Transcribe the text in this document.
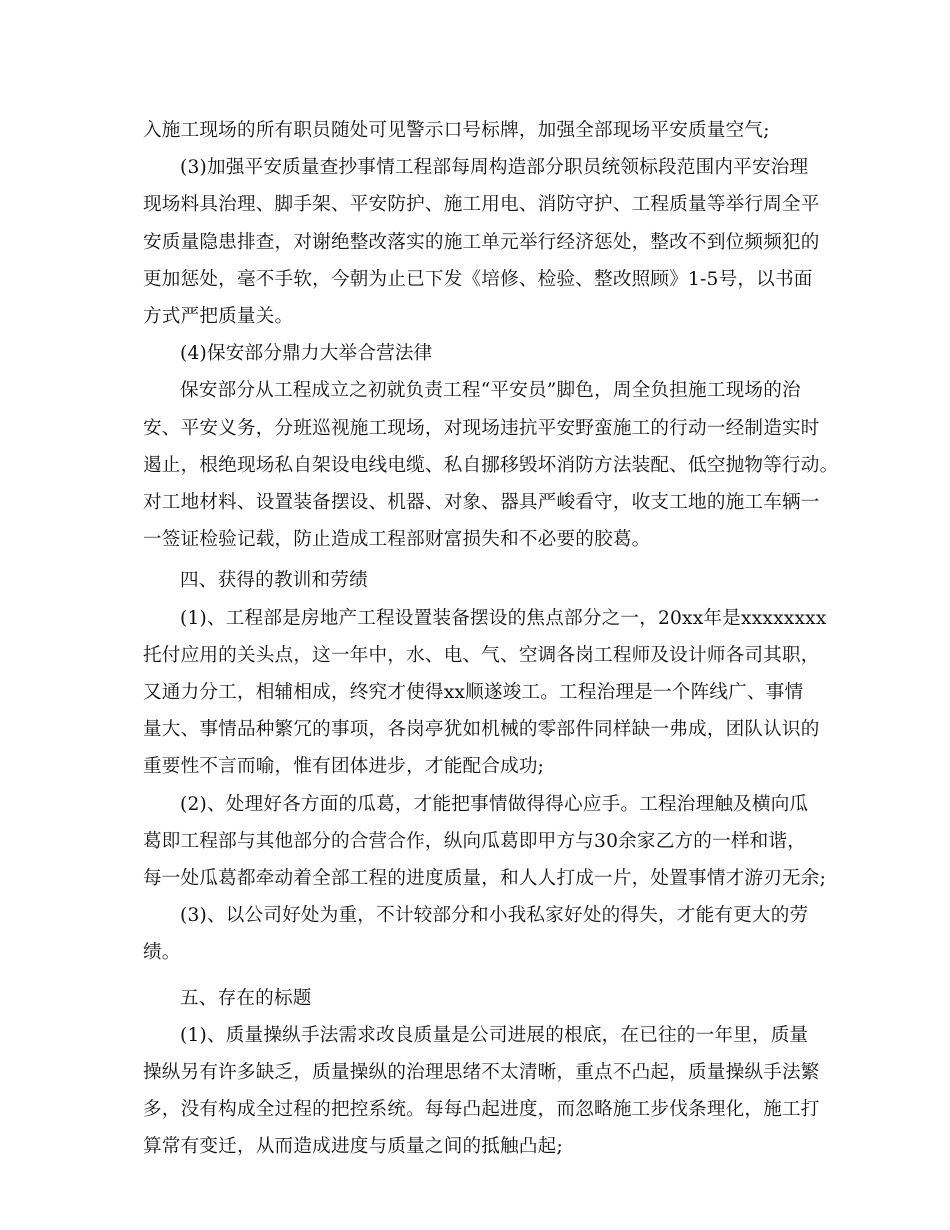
入施工现场的所有职员随处可见警示口号标牌，加强全部现场平安质量空气;
(3)加强平安质量查抄事情工程部每周构造部分职员统领标段范围内平安治理
现场料具治理、脚手架、平安防护、施工用电、消防守护、工程质量等举行周全平
安质量隐患排查，对谢绝整改落实的施工单元举行经济惩处，整改不到位频频犯的
更加惩处，毫不手软，今朝为止已下发《培修、检验、整改照顾》1-5号，以书面
方式严把质量关。
(4)保安部分鼎力大举合营法律
保安部分从工程成立之初就负责工程“平安员”脚色，周全负担施工现场的治
安、平安义务，分班巡视施工现场，对现场违抗平安野蛮施工的行动一经制造实时
遏止，根绝现场私自架设电线电缆、私自挪移毁坏消防方法装配、低空抛物等行动。
对工地材料、设置装备摆设、机器、对象、器具严峻看守，收支工地的施工车辆一
一签证检验记载，防止造成工程部财富损失和不必要的胶葛。
四、获得的教训和劳绩
(1)、工程部是房地产工程设置装备摆设的焦点部分之一，20xx年是xxxxxxxx
托付应用的关头点，这一年中，水、电、气、空调各岗工程师及设计师各司其职，
又通力分工，相辅相成，终究才使得xx顺遂竣工。工程治理是一个阵线广、事情
量大、事情品种繁冗的事项，各岗亭犹如机械的零部件同样缺一弗成，团队认识的
重要性不言而喻，惟有团体进步，才能配合成功;
(2)、处理好各方面的瓜葛，才能把事情做得得心应手。工程治理触及横向瓜
葛即工程部与其他部分的合营合作，纵向瓜葛即甲方与30余家乙方的一样和谐，
每一处瓜葛都牵动着全部工程的进度质量，和人人打成一片，处置事情才游刃无余;
(3)、以公司好处为重，不计较部分和小我私家好处的得失，才能有更大的劳
绩。
五、存在的标题
(1)、质量操纵手法需求改良质量是公司进展的根底，在已往的一年里，质量
操纵另有许多缺乏，质量操纵的治理思绪不太清晰，重点不凸起，质量操纵手法繁
多，没有构成全过程的把控系统。每每凸起进度，而忽略施工步伐条理化，施工打
算常有变迁，从而造成进度与质量之间的抵触凸起;
